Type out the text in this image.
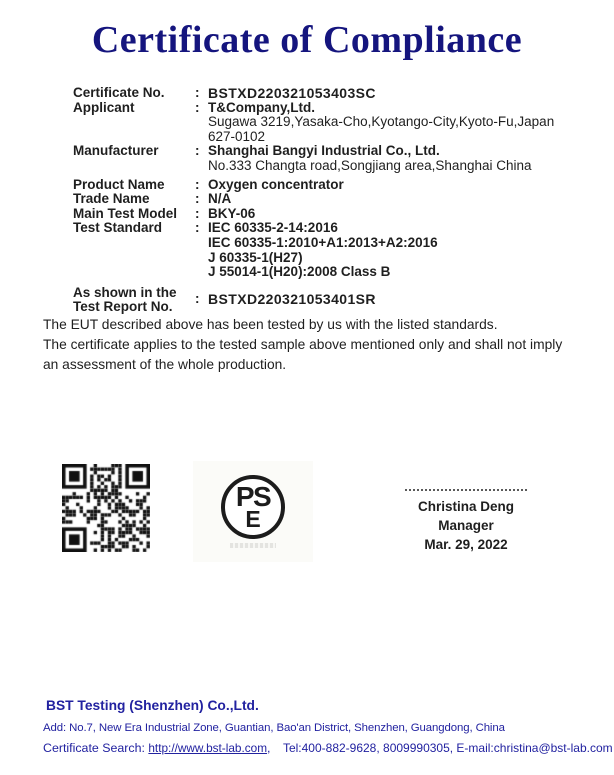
Certificate of Compliance
Certificate No.	: BSTXD220321053403SC
Applicant	: T&Company,Ltd.
Sugawa 3219,Yasaka-Cho,Kyotango-City,Kyoto-Fu,Japan
627-0102
Manufacturer	: Shanghai Bangyi Industrial Co., Ltd.
No.333 Changta road,Songjiang area,Shanghai China
Product Name	: Oxygen concentrator
Trade Name	: N/A
Main Test Model	: BKY-06
Test Standard	: IEC 60335-2-14:2016
IEC 60335-1:2010+A1:2013+A2:2016
J 60335-1(H27)
J 55014-1(H20):2008 Class B
As shown in the
Test Report No.	: BSTXD220321053401SR
The EUT described above has been tested by us with the listed standards.
The certificate applies to the tested sample above mentioned only and shall not imply
an assessment of the whole production.
PS
E	Christina Deng
Manager
Mar. 29, 2022
BST Testing (Shenzhen) Co.,Ltd.
Add: No.7, New Era Industrial Zone, Guantian, Bao'an District, Shenzhen, Guangdong, China
Certificate Search: http://www.bst-lab.com, Tel:400-882-9628, 8009990305, E-mail:christina@bst-lab.com
